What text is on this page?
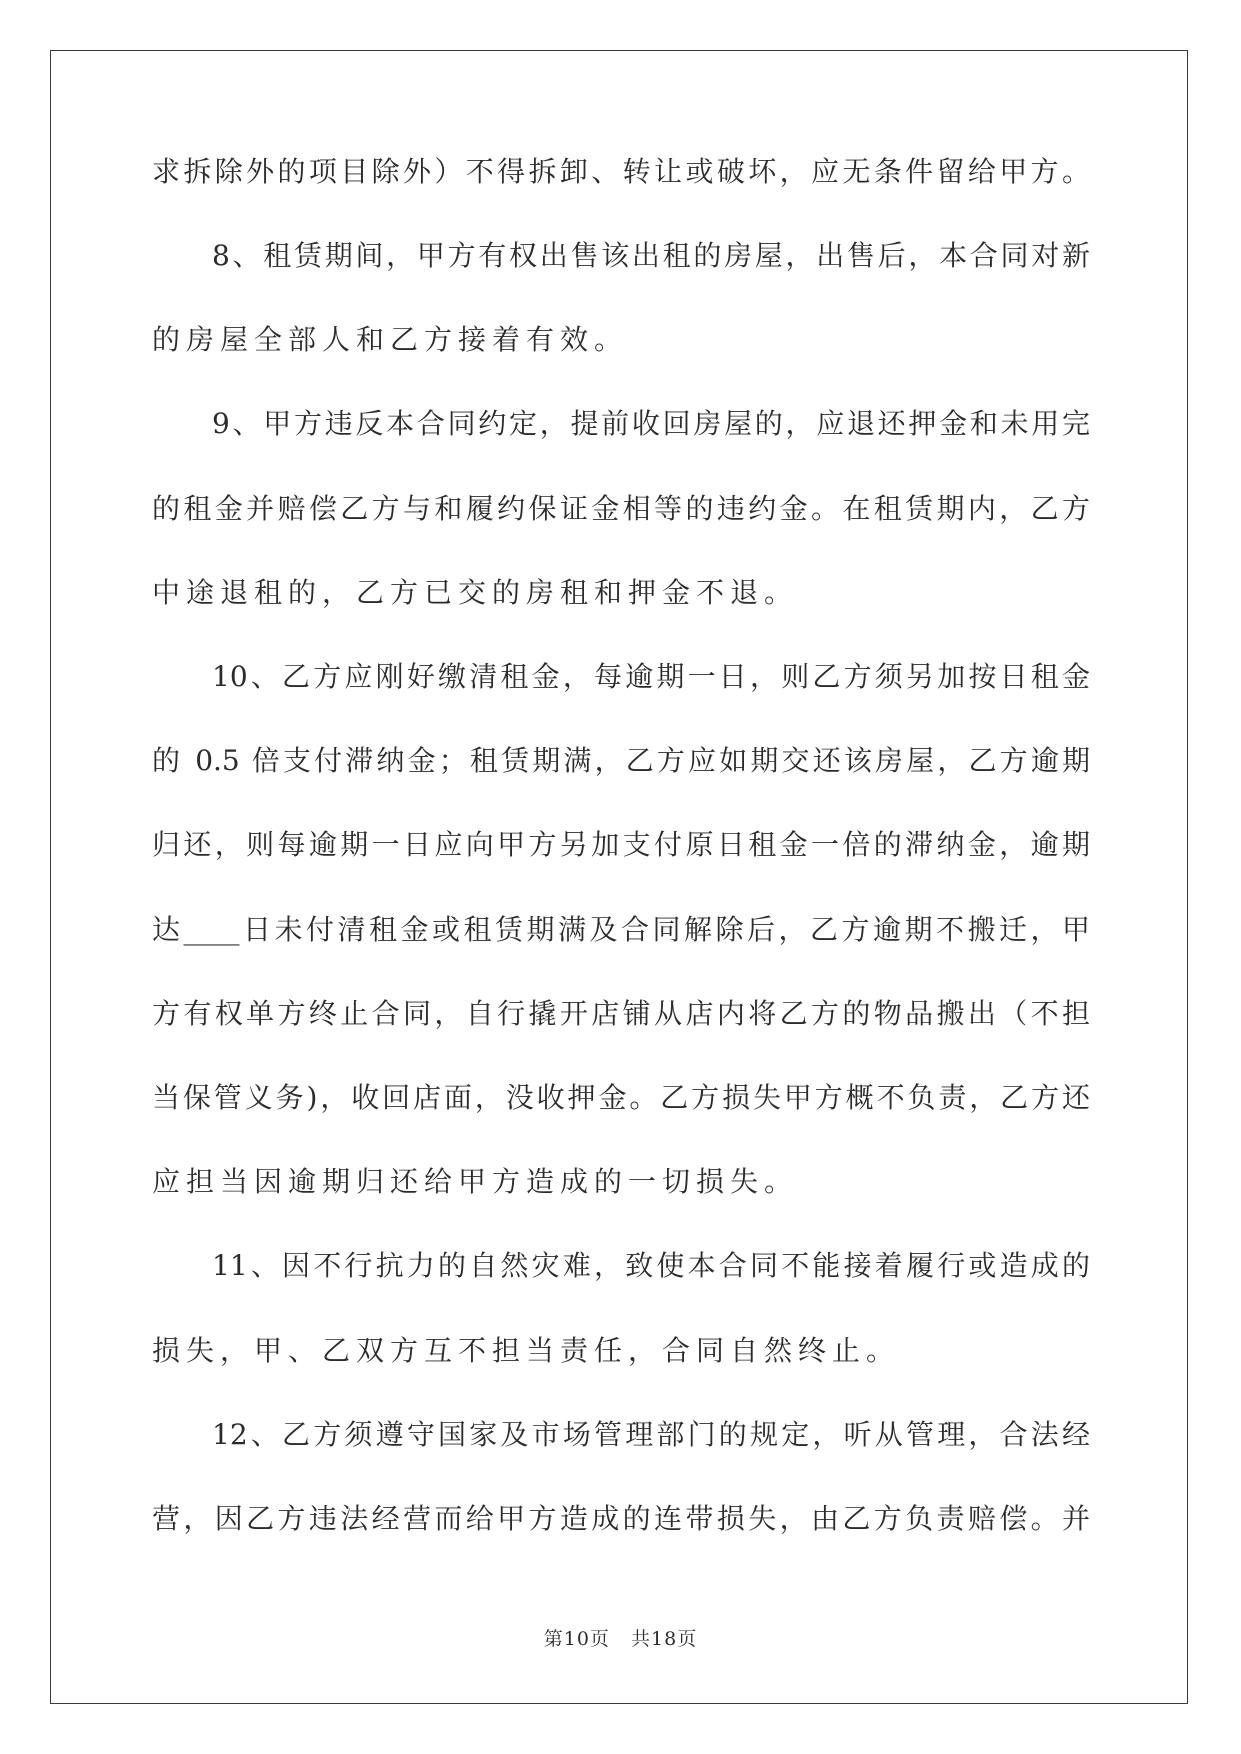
求拆除外的项目除外）不得拆卸、转让或破坏，应无条件留给甲方。
8、租赁期间，甲方有权出售该出租的房屋，出售后，本合同对新
的房屋全部人和乙方接着有效。
9、甲方违反本合同约定，提前收回房屋的，应退还押金和未用完
的租金并赔偿乙方与和履约保证金相等的违约金。在租赁期内，乙方
中途退租的，乙方已交的房租和押金不退。
10、乙方应刚好缴清租金，每逾期一日，则乙方须另加按日租金
的 0.5 倍支付滞纳金；租赁期满，乙方应如期交还该房屋，乙方逾期
归还，则每逾期一日应向甲方另加支付原日租金一倍的滞纳金，逾期
达____日未付清租金或租赁期满及合同解除后，乙方逾期不搬迁，甲
方有权单方终止合同，自行撬开店铺从店内将乙方的物品搬出（不担
当保管义务)，收回店面，没收押金。乙方损失甲方概不负责，乙方还
应担当因逾期归还给甲方造成的一切损失。
11、因不行抗力的自然灾难，致使本合同不能接着履行或造成的
损失，甲、乙双方互不担当责任，合同自然终止。
12、乙方须遵守国家及市场管理部门的规定，听从管理，合法经
营，因乙方违法经营而给甲方造成的连带损失，由乙方负责赔偿。并
第10页   共18页
